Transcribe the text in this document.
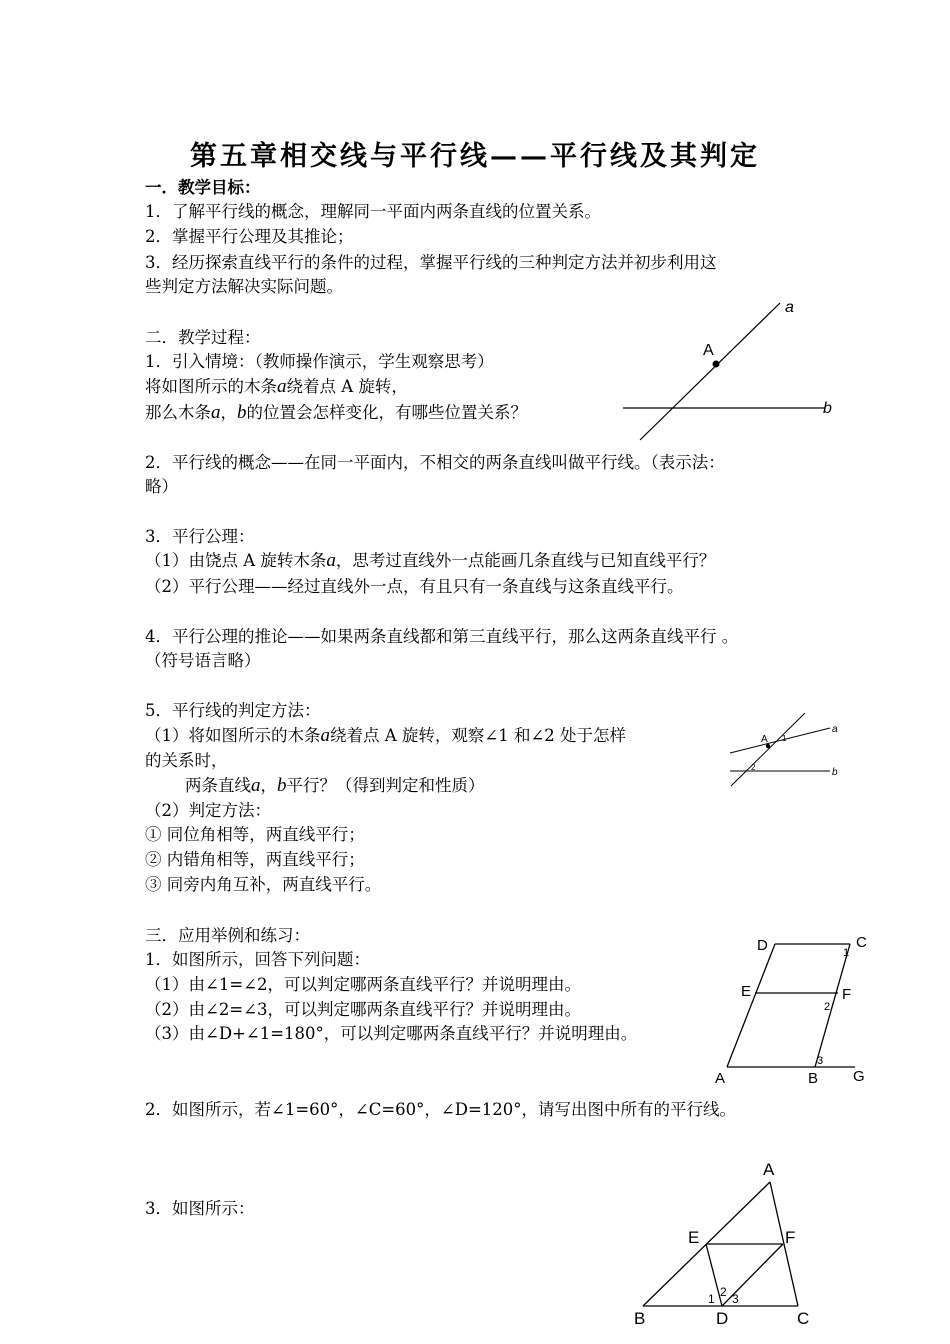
第五章相交线与平行线——平行线及其判定
一．教学目标：
1．了解平行线的概念，理解同一平面内两条直线的位置关系。
2．掌握平行公理及其推论；
3．经历探索直线平行的条件的过程，掌握平行线的三种判定方法并初步利用这
些判定方法解决实际问题。
二．教学过程：
1．引入情境：（教师操作演示，学生观察思考）
将如图所示的木条a绕着点 A 旋转，
那么木条a，b的位置会怎样变化，有哪些位置关系？
2．平行线的概念——在同一平面内，不相交的两条直线叫做平行线。（表示法：
略）
3．平行公理：
（1）由饶点 A 旋转木条a，思考过直线外一点能画几条直线与已知直线平行？
（2）平行公理——经过直线外一点，有且只有一条直线与这条直线平行。
4．平行公理的推论——如果两条直线都和第三直线平行，那么这两条直线平行 。
（符号语言略）
5．平行线的判定方法：
（1）将如图所示的木条a绕着点 A 旋转，观察∠1 和∠2 处于怎样
的关系时，
两条直线a，b平行？（得到判定和性质）
（2）判定方法：
① 同位角相等，两直线平行；
② 内错角相等，两直线平行；
③ 同旁内角互补，两直线平行。
三．应用举例和练习：
1．如图所示，回答下列问题：
（1）由∠1=∠2，可以判定哪两条直线平行？并说明理由。
（2）由∠2=∠3，可以判定哪两条直线平行？并说明理由。
（3）由∠D+∠1=180°，可以判定哪两条直线平行？并说明理由。
2．如图所示，若∠1=60°，∠C=60°，∠D=120°，请写出图中所有的平行线。
3．如图所示：
A
a
b
A 1
2
a
b
D	C
E	F
A	B G
1
2
3
A
E	F
B	D	C
1 2 3
